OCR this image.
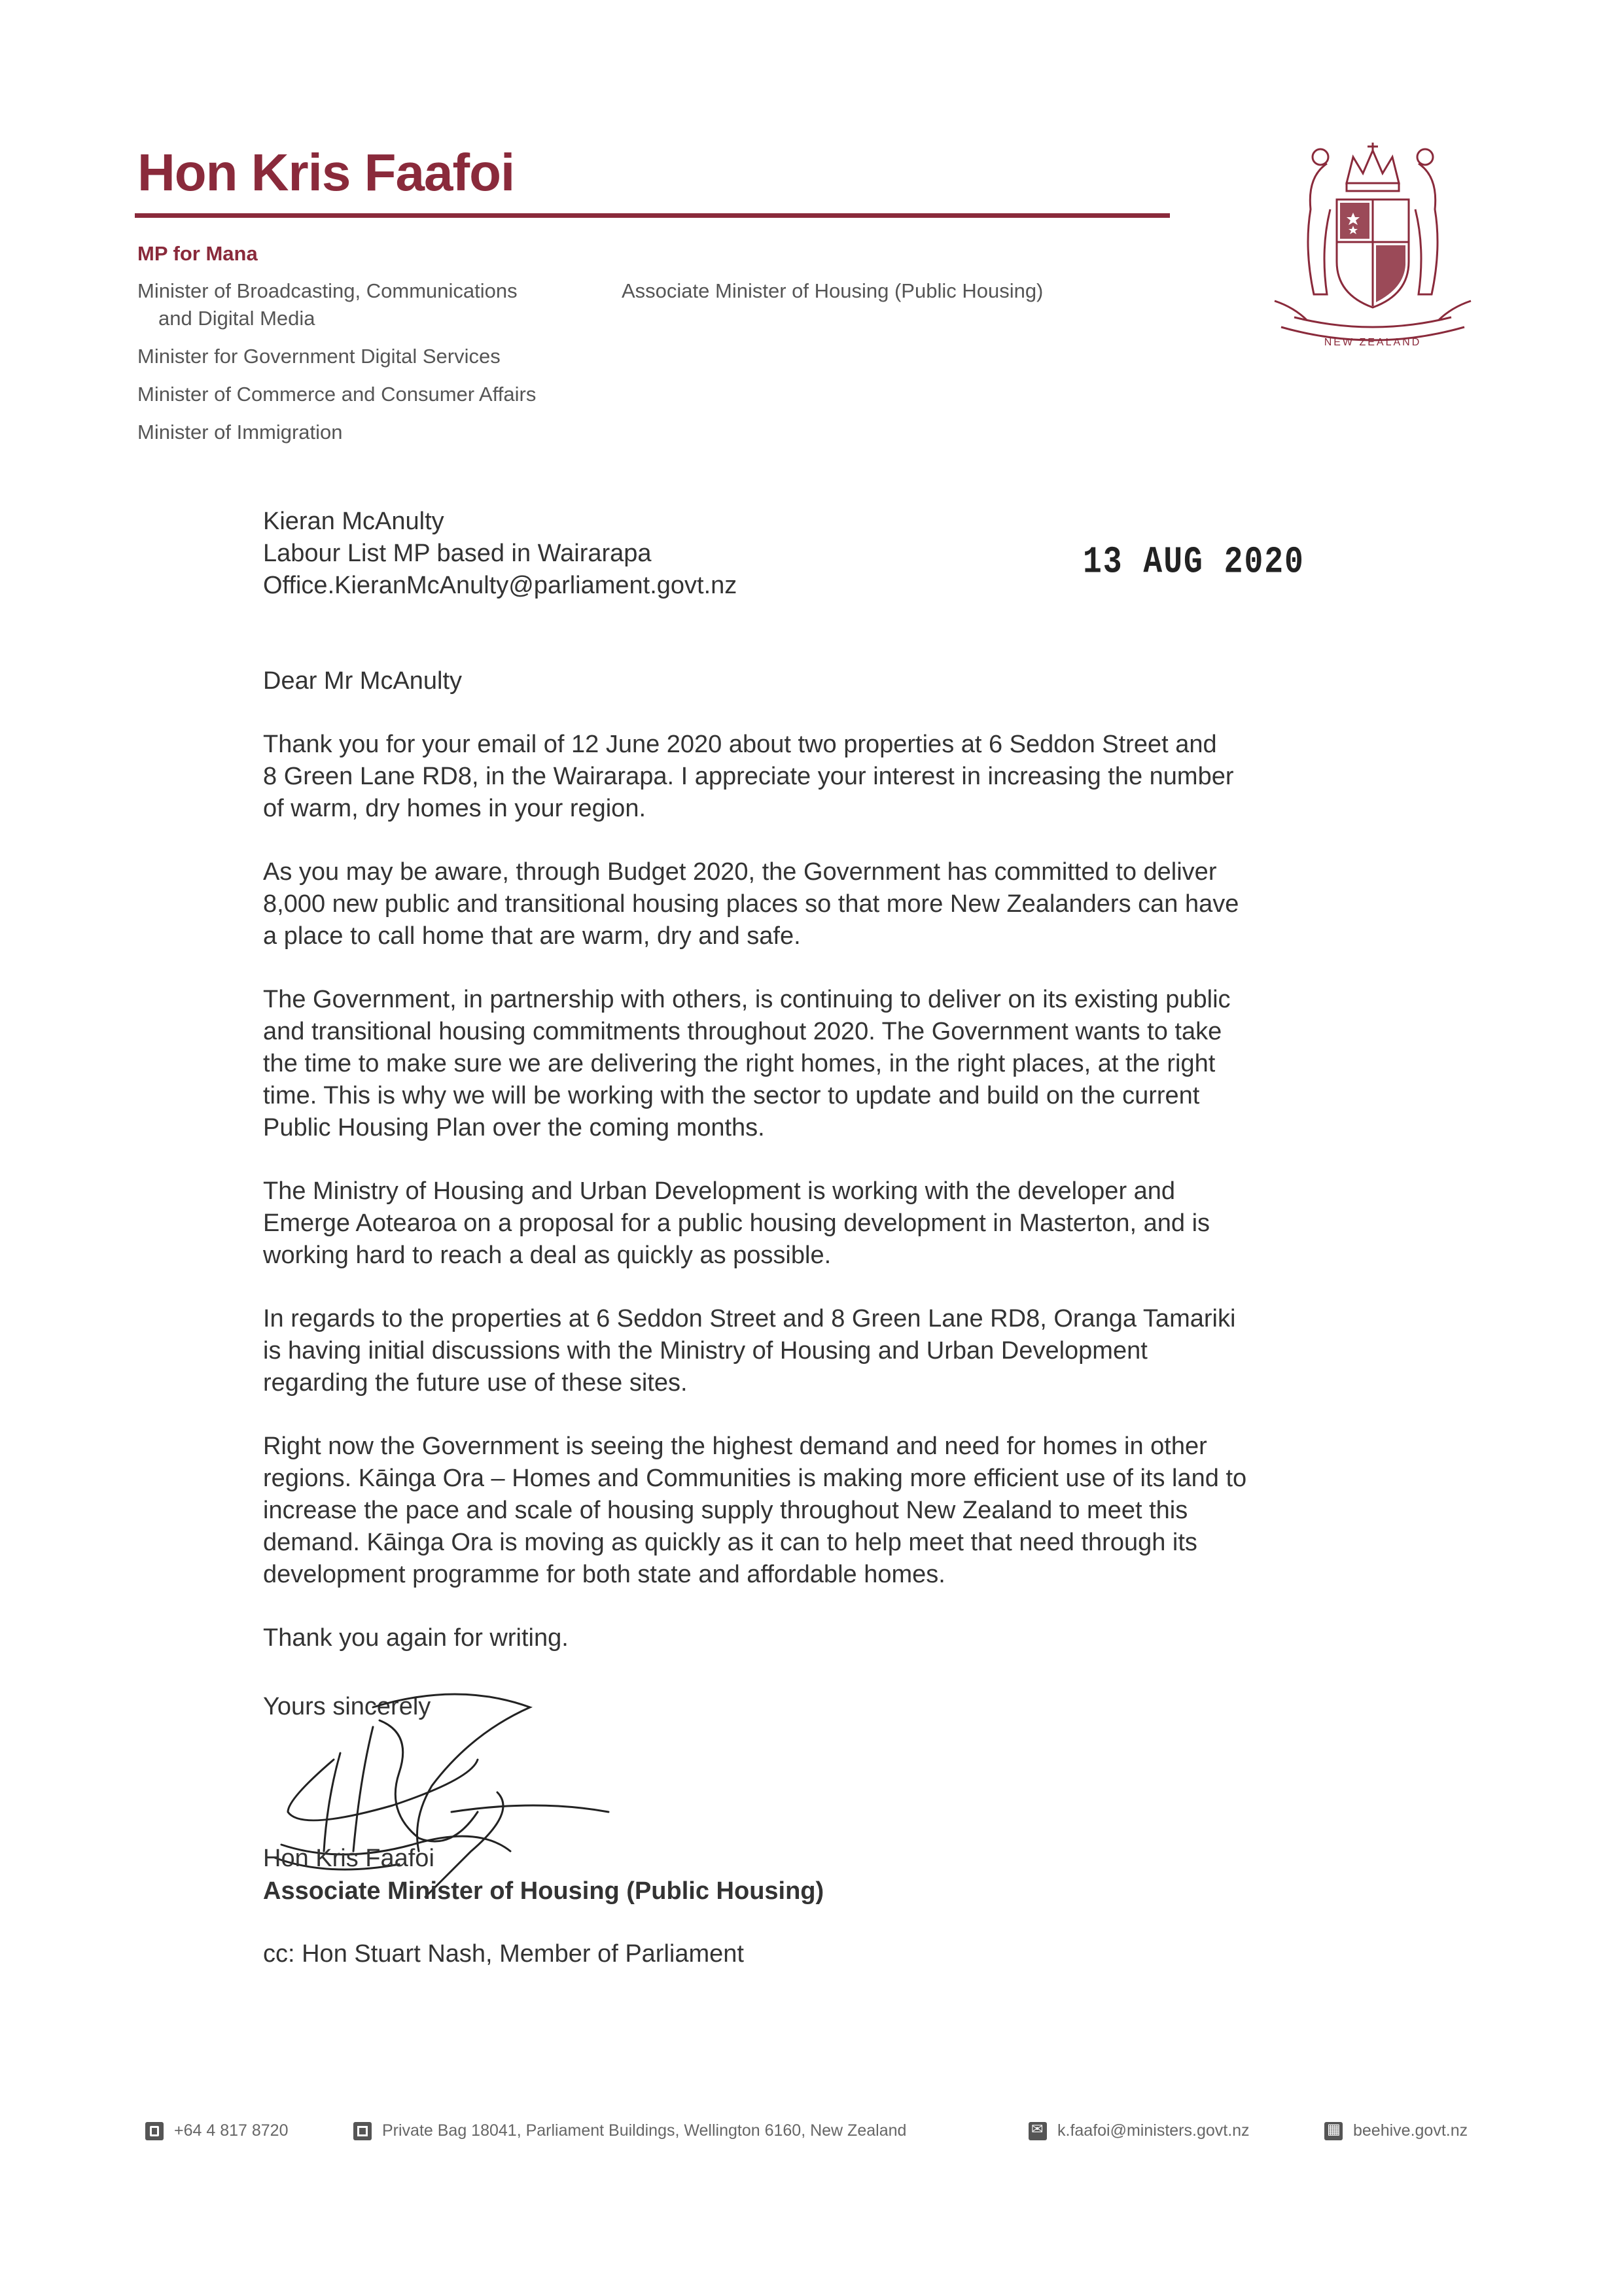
Hon Kris Faafoi
MP for Mana
Minister of Broadcasting, Communications
and Digital Media
Minister for Government Digital Services
Minister of Commerce and Consumer Affairs
Minister of Immigration
Associate Minister of Housing (Public Housing)
NEW ZEALAND
Kieran McAnulty
Labour List MP based in Wairarapa
Office.KieranMcAnulty@parliament.govt.nz
13 AUG 2020

Dear Mr McAnulty

Thank you for your email of 12 June 2020 about two properties at 6 Seddon Street and
8 Green Lane RD8, in the Wairarapa. I appreciate your interest in increasing the number
of warm, dry homes in your region.

As you may be aware, through Budget 2020, the Government has committed to deliver
8,000 new public and transitional housing places so that more New Zealanders can have
a place to call home that are warm, dry and safe.

The Government, in partnership with others, is continuing to deliver on its existing public
and transitional housing commitments throughout 2020. The Government wants to take
the time to make sure we are delivering the right homes, in the right places, at the right
time. This is why we will be working with the sector to update and build on the current
Public Housing Plan over the coming months.

The Ministry of Housing and Urban Development is working with the developer and
Emerge Aotearoa on a proposal for a public housing development in Masterton, and is
working hard to reach a deal as quickly as possible.

In regards to the properties at 6 Seddon Street and 8 Green Lane RD8, Oranga Tamariki
is having initial discussions with the Ministry of Housing and Urban Development
regarding the future use of these sites.

Right now the Government is seeing the highest demand and need for homes in other
regions. Kāinga Ora – Homes and Communities is making more efficient use of its land to
increase the pace and scale of housing supply throughout New Zealand to meet this
demand. Kāinga Ora is moving as quickly as it can to help meet that need through its
development programme for both state and affordable homes.

Thank you again for writing.

Yours sincerely
Hon Kris Faafoi
Associate Minister of Housing (Public Housing)
cc: Hon Stuart Nash, Member of Parliament
+64 4 817 8720	Private Bag 18041, Parliament Buildings, Wellington 6160, New Zealand ✉	k.faafoi@ministers.govt.nz ▦	beehive.govt.nz
